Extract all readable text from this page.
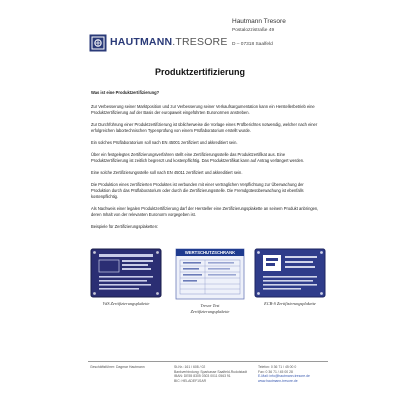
HAUTMANN.TRESORE
Hautmann Tresore
Postalozzistraße 49
D – 07318 Saalfeld
Produktzertifizierung
Was ist eine Produktzertifizierung?

Zur Verbesserung seiner Marktposition und zur Verbesserung seiner Verkaufsargumentation kann ein Herstellerbetrieb eine Produktzertifizierung auf der Basis der europaweit eingeführten Euronormen anstreben.

Zur Durchführung einer Produktzertifizierung ist üblicherweise die Vorlage eines Prüfberichtes notwendig, welcher nach einer erfolgreichen labortechnischen Typenprüfung von einem Prüflaboratorium erstellt wurde.

Ein solches Prüflaboratorium soll nach EN 45001 zertifiziert und akkreditiert sein.

Über ein festgelegtes Zertifizierungsverfahren stellt eine Zertifizierungsstelle das Produktzertifikat aus. Eine Produktzertifizierung ist zeitlich begrenzt und kostenpflichtig. Das Produktzertifikat kann auf Antrag verlängert werden.

Eine solche Zertifizierungsstelle soll nach EN 45011 zertifiziert und akkreditiert sein.

Die Produktion eines zertifizierten Produktes ist verbunden mit einer vertraglichen Verpflichtung zur Überwachung der Produktion durch das Prüflaboratorium oder durch die Zertifizierungsstelle. Die Fremdgütesüberwachung ist ebenfalls kostenpflichtig.

Als Nachweis einer legalen Produktzertifizierung darf der Hersteller eine Zertifizierungsplakette an seinem Produkt anbringen, deren Inhalt von der relevanten Euronorm vorgegeben ist.

Beispiele für Zertifizierungsplaketten:

VdS Zertifizierungsplakette
WERTSCHUTZSCHRANK
Tresor Test
Zertifizierungsplakette
ECB-S Zertifizierungsplakette
Geschäftsführer: Dagmar Hautmann	St-Nr.: 161 / 608 / 02
Bankverbindung: Sparkasse Saalfeld-Rudolstadt
IBAN: DE55 8305 0303 0011 0563 91
BIC: HELADEF1SAR
Telefon: 0 36 71 / 45 00 0
Fax: 0 36 71 / 45 00 28
E-Mail: info@hautmann-tresore.de
www.hautmann-tresore.de
